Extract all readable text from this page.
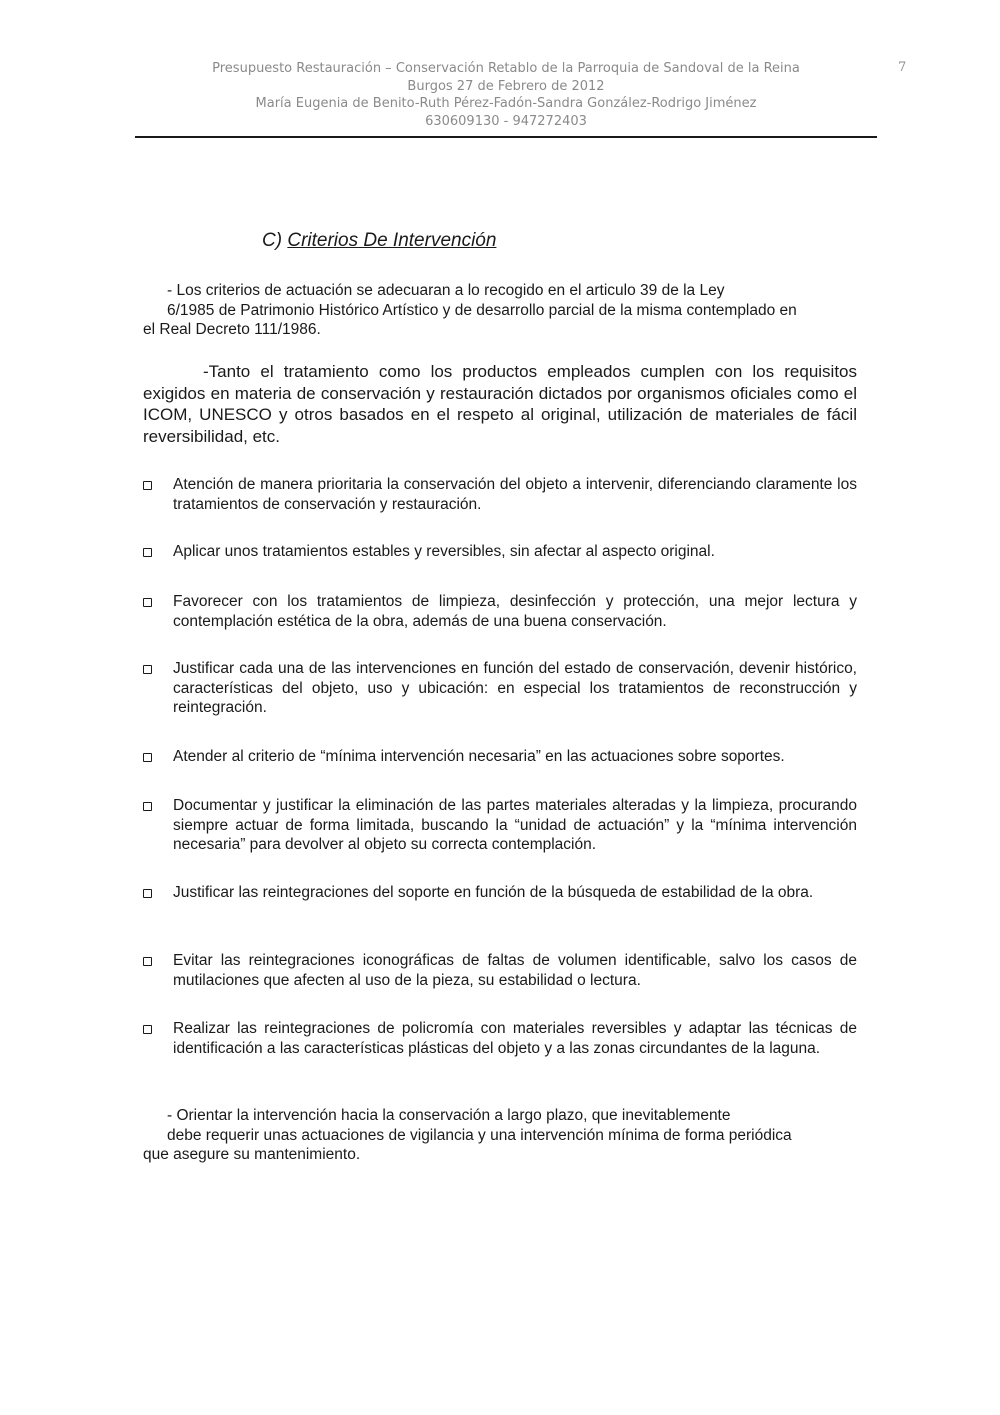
Presupuesto Restauración – Conservación Retablo de la Parroquia de Sandoval de la Reina
Burgos 27 de Febrero de 2012
María Eugenia de Benito-Ruth Pérez-Fadón-Sandra González-Rodrigo Jiménez
630609130 - 947272403
7
C) Criterios De Intervención
- Los criterios de actuación se adecuaran a lo recogido en el articulo 39 de la Ley
6/1985 de Patrimonio Histórico Artístico y de desarrollo parcial de la misma contemplado en
el Real Decreto 111/1986.
-Tanto el tratamiento como los productos empleados cumplen con los requisitos exigidos en materia de conservación y restauración dictados por organismos oficiales como el ICOM, UNESCO y otros basados en el respeto al original, utilización de materiales de fácil reversibilidad, etc.
Atención de manera prioritaria la conservación del objeto a intervenir, diferenciando claramente los tratamientos de conservación y restauración.
Aplicar unos tratamientos estables y reversibles, sin afectar al aspecto original.
Favorecer con los tratamientos de limpieza, desinfección y protección, una mejor lectura y contemplación estética de la obra, además de una buena conservación.
Justificar cada una de las intervenciones en función del estado de conservación, devenir histórico, características del objeto, uso y ubicación: en especial los tratamientos de reconstrucción y reintegración.
Atender al criterio de “mínima intervención necesaria” en las actuaciones sobre soportes.
Documentar y justificar la eliminación de las partes materiales alteradas y la limpieza, procurando siempre actuar de forma limitada, buscando la “unidad de actuación” y la “mínima intervención necesaria” para devolver al objeto su correcta contemplación.
Justificar las reintegraciones del soporte en función de la búsqueda de estabilidad de la obra.
Evitar las reintegraciones iconográficas de faltas de volumen identificable, salvo los casos de mutilaciones que afecten al uso de la pieza, su estabilidad o lectura.
Realizar las reintegraciones de policromía con materiales reversibles y adaptar las técnicas de identificación a las características plásticas del objeto y a las zonas circundantes de la laguna.
- Orientar la intervención hacia la conservación a largo plazo, que inevitablemente
debe requerir unas actuaciones de vigilancia y una intervención mínima de forma periódica
que asegure su mantenimiento.
